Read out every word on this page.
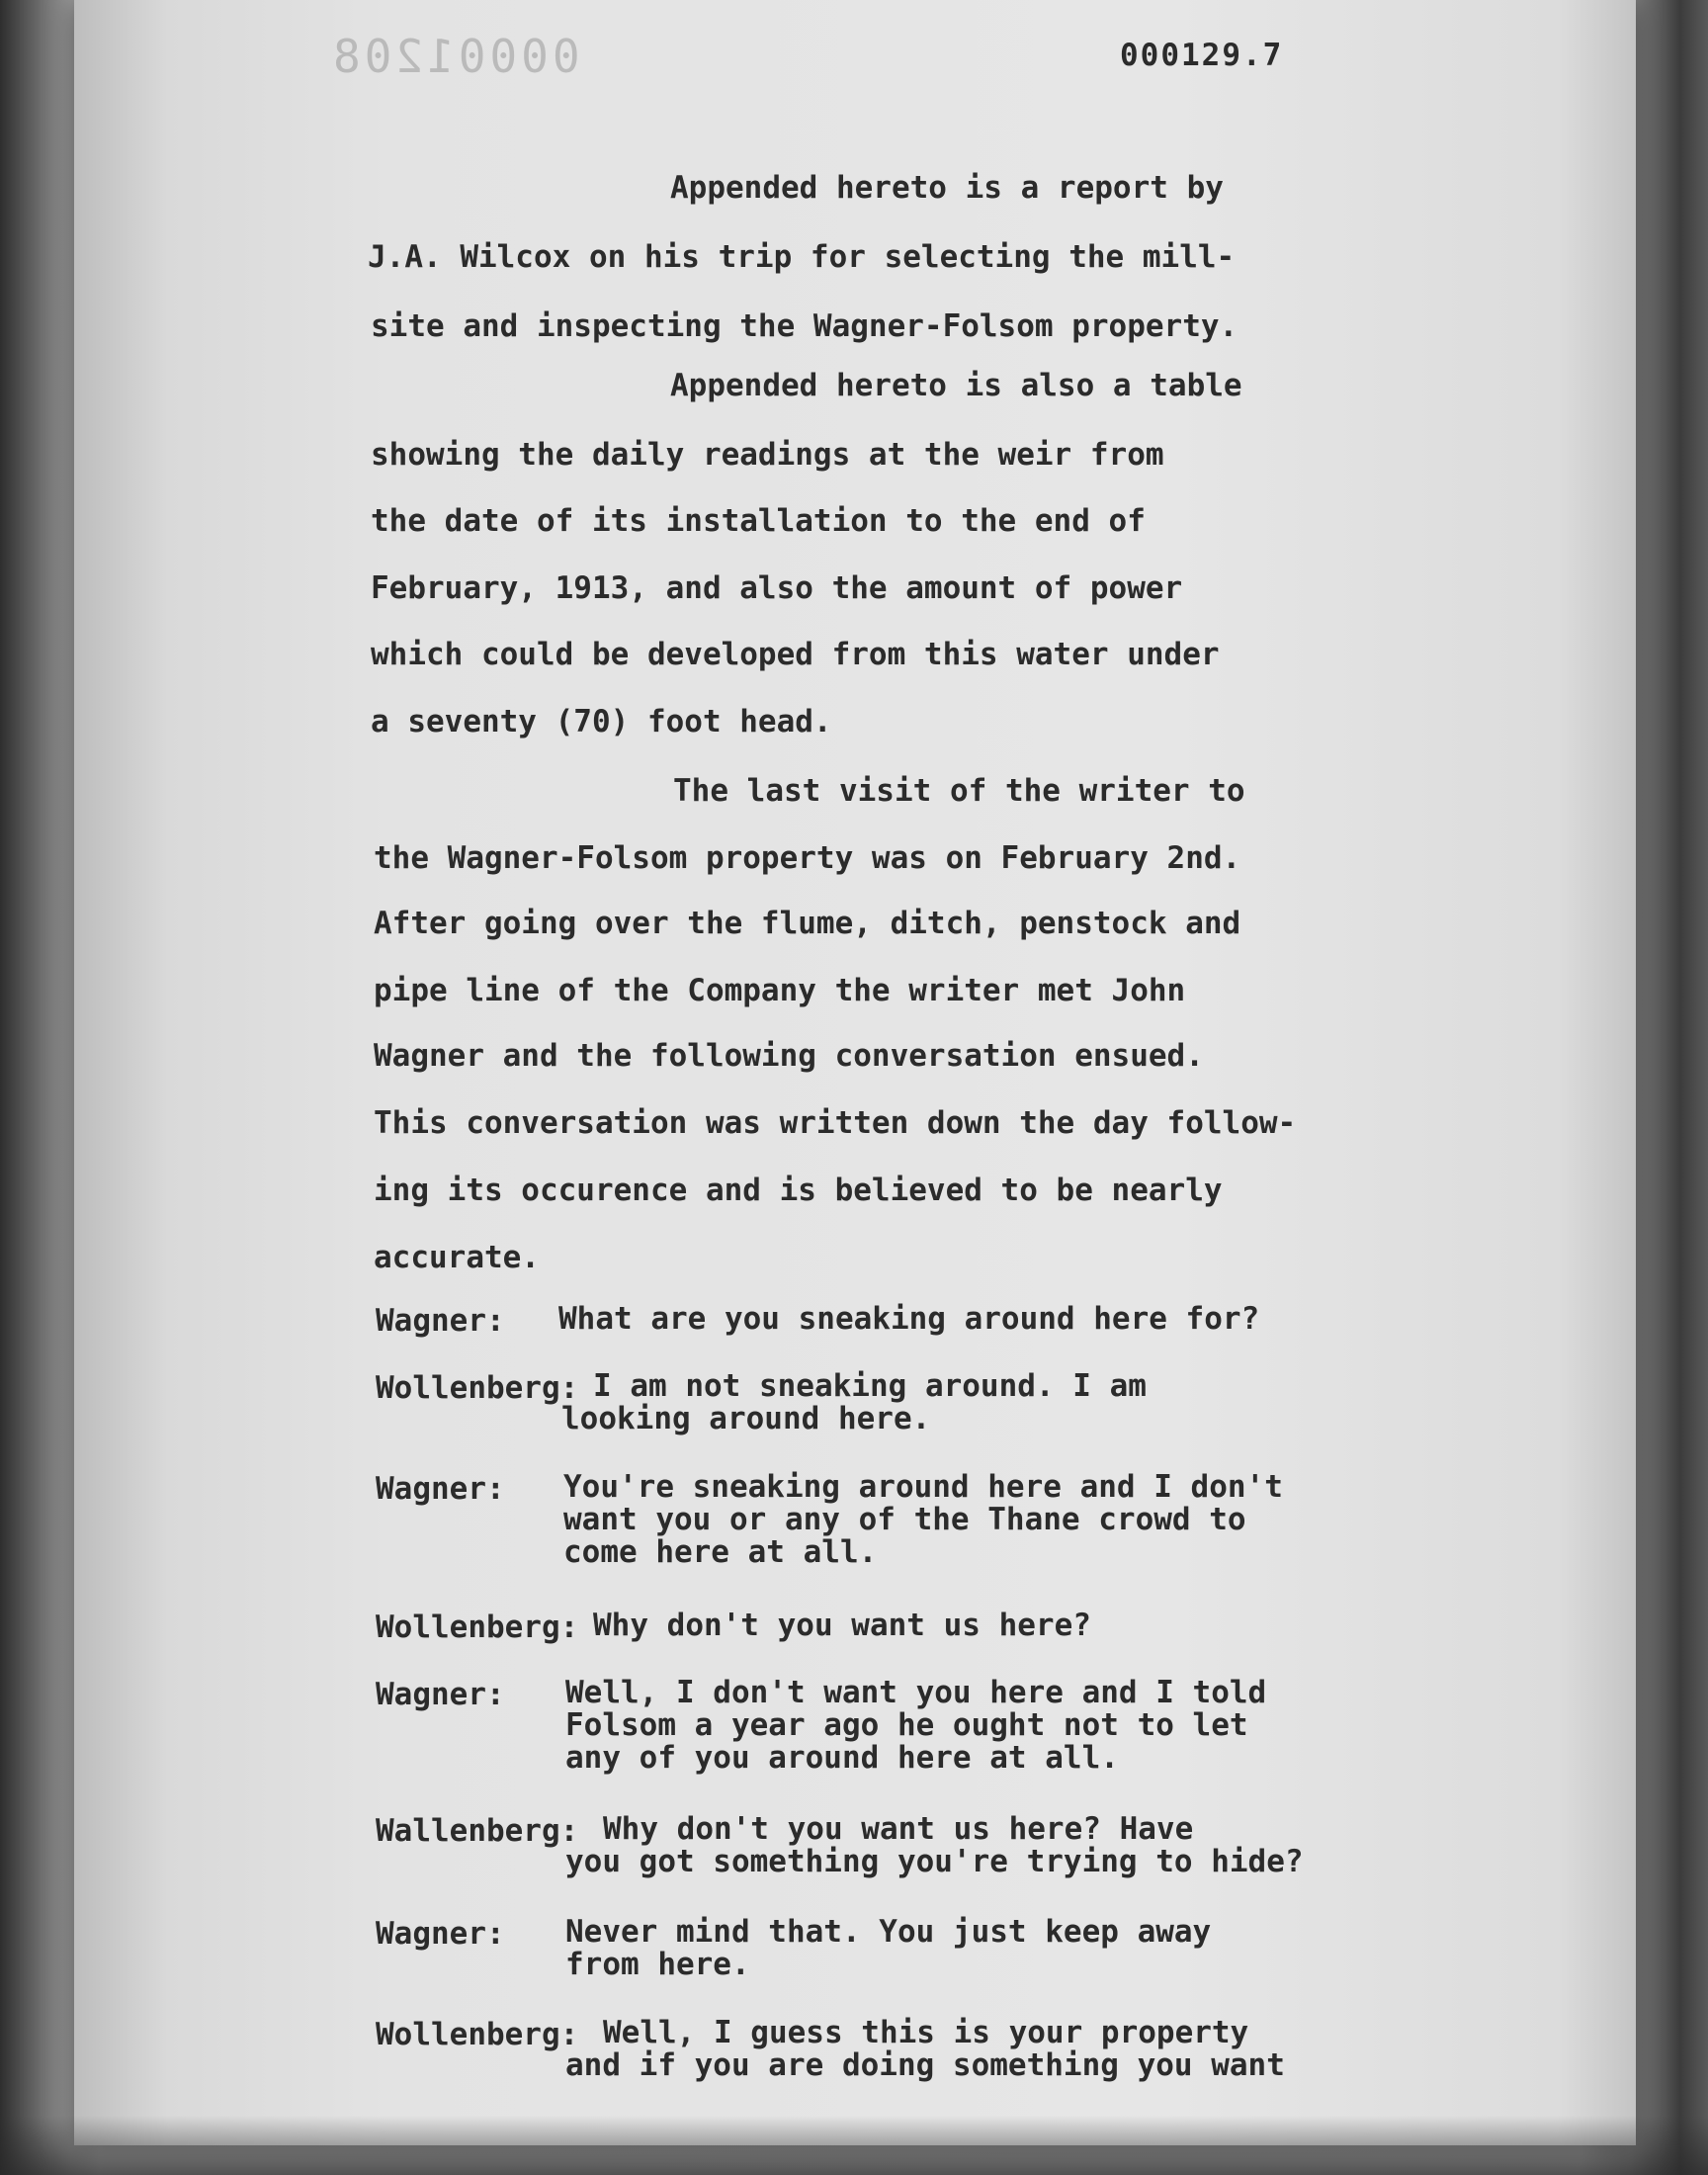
00001208	000129.7
Appended hereto is a report by
J.A. Wilcox on his trip for selecting the mill-
site and inspecting the Wagner-Folsom property.
Appended hereto is also a table
showing the daily readings at the weir from
the date of its installation to the end of
February, 1913, and also the amount of power
which could be developed from this water under
a seventy (70) foot head.
The last visit of the writer to
the Wagner-Folsom property was on February 2nd.
After going over the flume, ditch, penstock and
pipe line of the Company the writer met John
Wagner and the following conversation ensued.
This conversation was written down the day follow-
ing its occurence and is believed to be nearly
accurate.
Wagner: What are you sneaking around here for?
Wollenberg: I am not sneaking around. I am
looking around here.
Wagner: You're sneaking around here and I don't
want you or any of the Thane crowd to
come here at all.
Wollenberg: Why don't you want us here?
Wagner: Well, I don't want you here and I told
Folsom a year ago he ought not to let
any of you around here at all.
Wallenberg: Why don't you want us here? Have
you got something you're trying to hide?
Wagner: Never mind that. You just keep away
from here.
Wollenberg: Well, I guess this is your property
and if you are doing something you want
